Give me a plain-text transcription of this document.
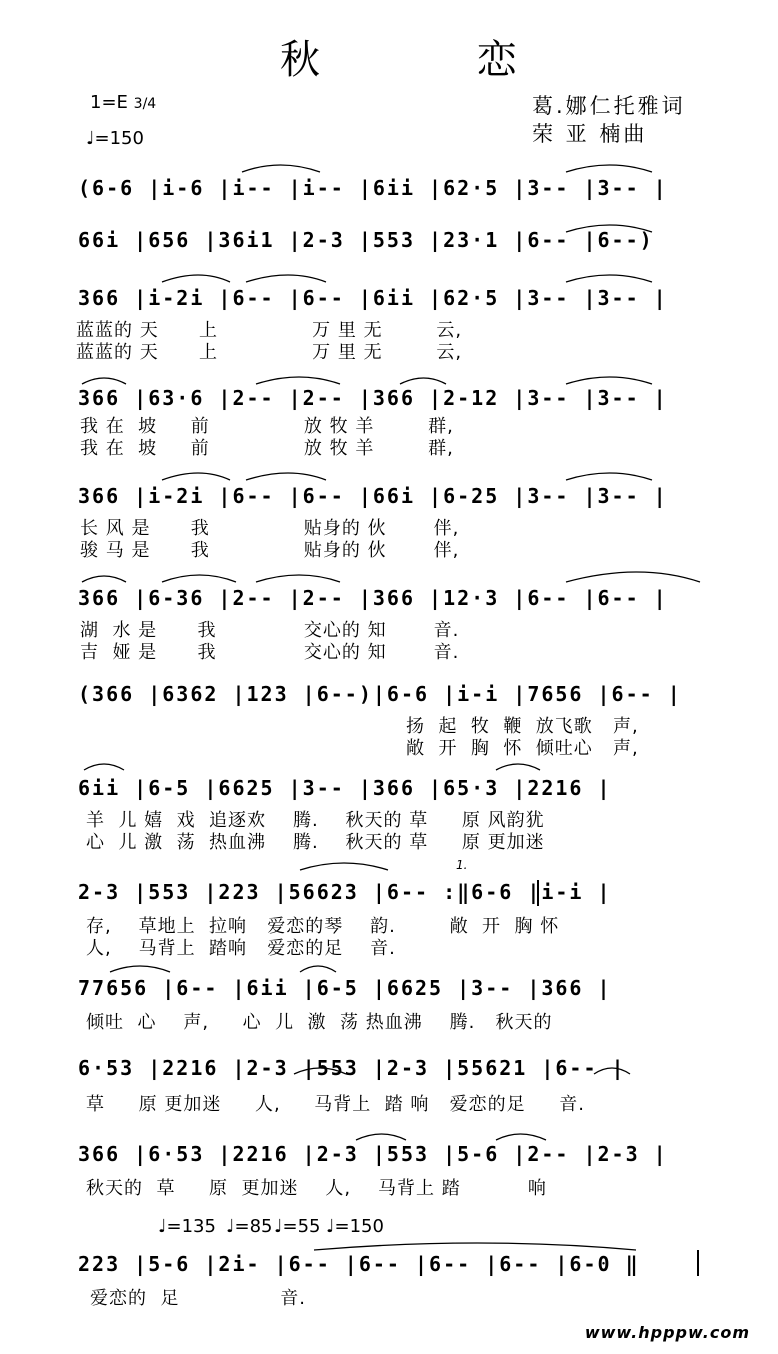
秋 恋
1=E 3/4
♩=150
葛.娜仁托雅词
荣 亚 楠曲
(6-6 |i-6 |i-- |i-- |6ii |62·5 |3-- |3-- |
66i |656 |36i1 |2-3 |553 |23·1 |6-- |6--)
366 |i-2i |6-- |6-- |6ii |62·5 |3-- |3-- |
蓝蓝的 天      上              万 里 无        云,
蓝蓝的 天      上              万 里 无        云,
366 |63·6 |2-- |2-- |366 |2-12 |3-- |3-- |
我 在  坡     前              放 牧 羊        群,
我 在  坡     前              放 牧 羊        群,
366 |i-2i |6-- |6-- |66i |6-25 |3-- |3-- |
长 风 是      我              贴身的 伙       伴,
骏 马 是      我              贴身的 伙       伴,
366 |6-36 |2-- |2-- |366 |12·3 |6-- |6-- |
湖  水 是      我             交心的 知       音.
吉  娅 是      我             交心的 知       音.
(366 |6362 |123 |6--)|6-6 |i-i |7656 |6-- |
扬  起  牧  鞭  放飞歌   声,
敞  开  胸  怀  倾吐心   声,
6ii |6-5 |6625 |3-- |366 |65·3 |2216 |
羊  儿 嬉  戏  追逐欢    腾.    秋天的 草     原 风韵犹
心  儿 激  荡  热血沸    腾.    秋天的 草     原 更加迷
1.
2-3 |553 |223 |56623 |6-- :‖6-6 |i-i |
存,    草地上  拉响   爱恋的琴    韵.        敞  开  胸 怀
人,    马背上  踏响   爱恋的足    音.
77656 |6-- |6ii |6-5 |6625 |3-- |366 |
倾吐  心    声,     心  儿  激  荡 热血沸    腾.   秋天的
6·53 |2216 |2-3 |553 |2-3 |55621 |6-- |
草     原 更加迷     人,     马背上  踏 响   爱恋的足     音.
366 |6·53 |2216 |2-3 |553 |5-6 |2-- |2-3 |
秋天的  草     原  更加迷    人,    马背上 踏          响
♩=135 ♩=85 ♩=55 ♩=150
223 |5-6 |2i- |6-- |6-- |6-- |6-- |6-0 ‖
爱恋的  足               音.
www.hpppw.com
